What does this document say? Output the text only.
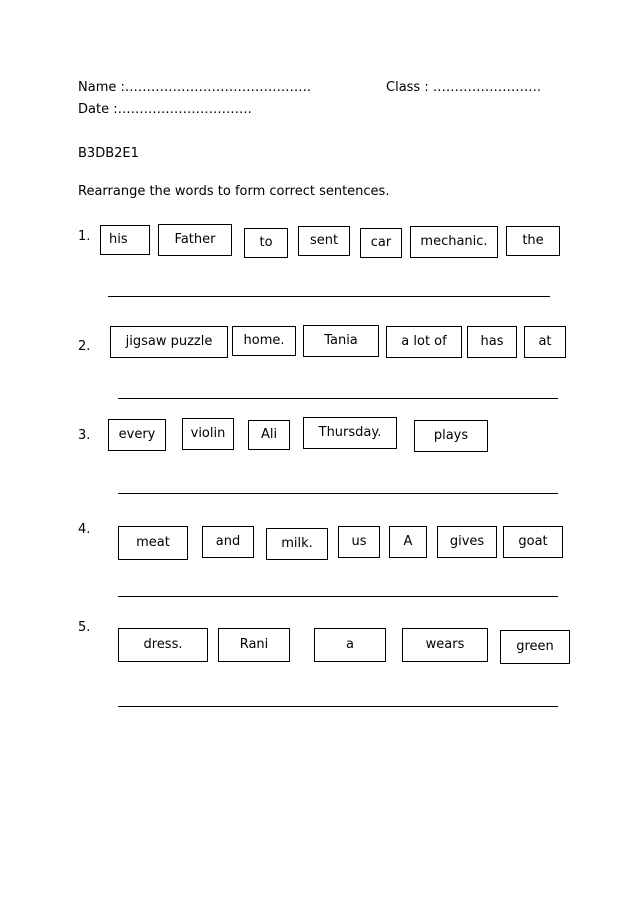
Name :…………………………………….	Class : …………………….
Date :………………………….
B3DB2E1
Rearrange the words to form correct sentences.
1.	his	Father	to	sent	car	mechanic.	the
2.	jigsaw puzzle	home.	Tania	a lot of	has	at
3.	every	violin	Ali	Thursday.	plays
4.
meat	and	milk.	us	A	gives	goat
5.
dress.	Rani	a	wears	green
